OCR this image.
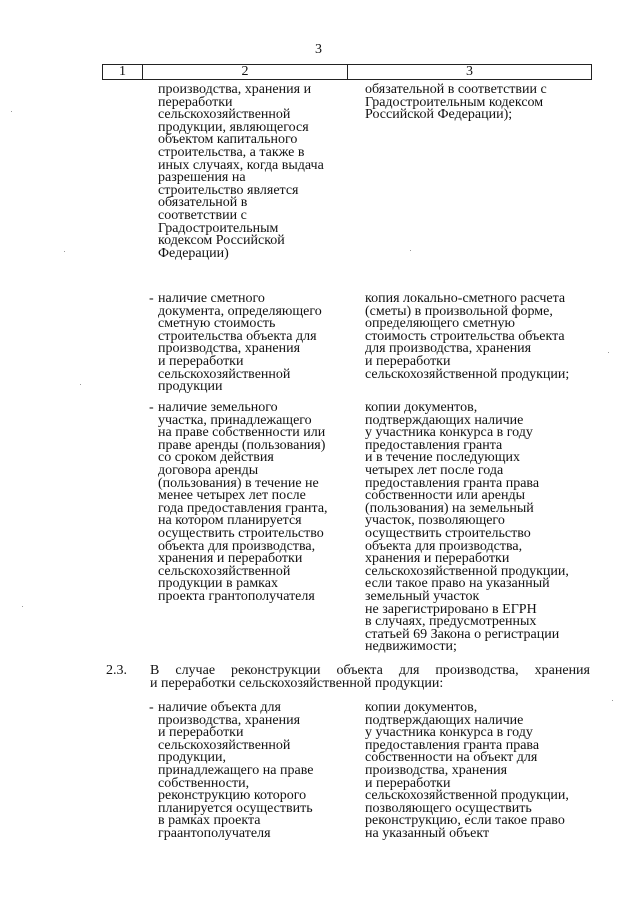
3
1	2	3
производства, хранения и
переработки
сельскохозяйственной
продукции, являющегося
объектом капитального
строительства, а также в
иных случаях, когда выдача
разрешения на
строительство является
обязательной в
соответствии с
Градостроительным
кодексом Российской
Федерации)
обязательной в соответствии с
Градостроительным кодексом
Российской Федерации);
- наличие сметного
документа, определяющего
сметную стоимость
строительства объекта для
производства, хранения
и переработки
сельскохозяйственной
продукции
копия локально-сметного расчета
(сметы) в произвольной форме,
определяющего сметную
стоимость строительства объекта
для производства, хранения
и переработки
сельскохозяйственной продукции;
- наличие земельного
участка, принадлежащего
на праве собственности или
праве аренды (пользования)
со сроком действия
договора аренды
(пользования) в течение не
менее четырех лет после
года предоставления гранта,
на котором планируется
осуществить строительство
объекта для производства,
хранения и переработки
сельскохозяйственной
продукции в рамках
проекта грантополучателя
копии документов,
подтверждающих наличие
у участника конкурса в году
предоставления гранта
и в течение последующих
четырех лет после года
предоставления гранта права
собственности или аренды
(пользования) на земельный
участок, позволяющего
осуществить строительство
объекта для производства,
хранения и переработки
сельскохозяйственной продукции,
если такое право на указанный
земельный участок
не зарегистрировано в ЕГРН
в случаях, предусмотренных
статьей 69 Закона о регистрации
недвижимости;
2.3. В случае реконструкции объекта для производства, хранения
и переработки сельскохозяйственной продукции:
- наличие объекта для
производства, хранения
и переработки
сельскохозяйственной
продукции,
принадлежащего на праве
собственности,
реконструкцию которого
планируется осуществить
в рамках проекта
граантополучателя
копии документов,
подтверждающих наличие
у участника конкурса в году
предоставления гранта права
собственности на объект для
производства, хранения
и переработки
сельскохозяйственной продукции,
позволяющего осуществить
реконструкцию, если такое право
на указанный объект
